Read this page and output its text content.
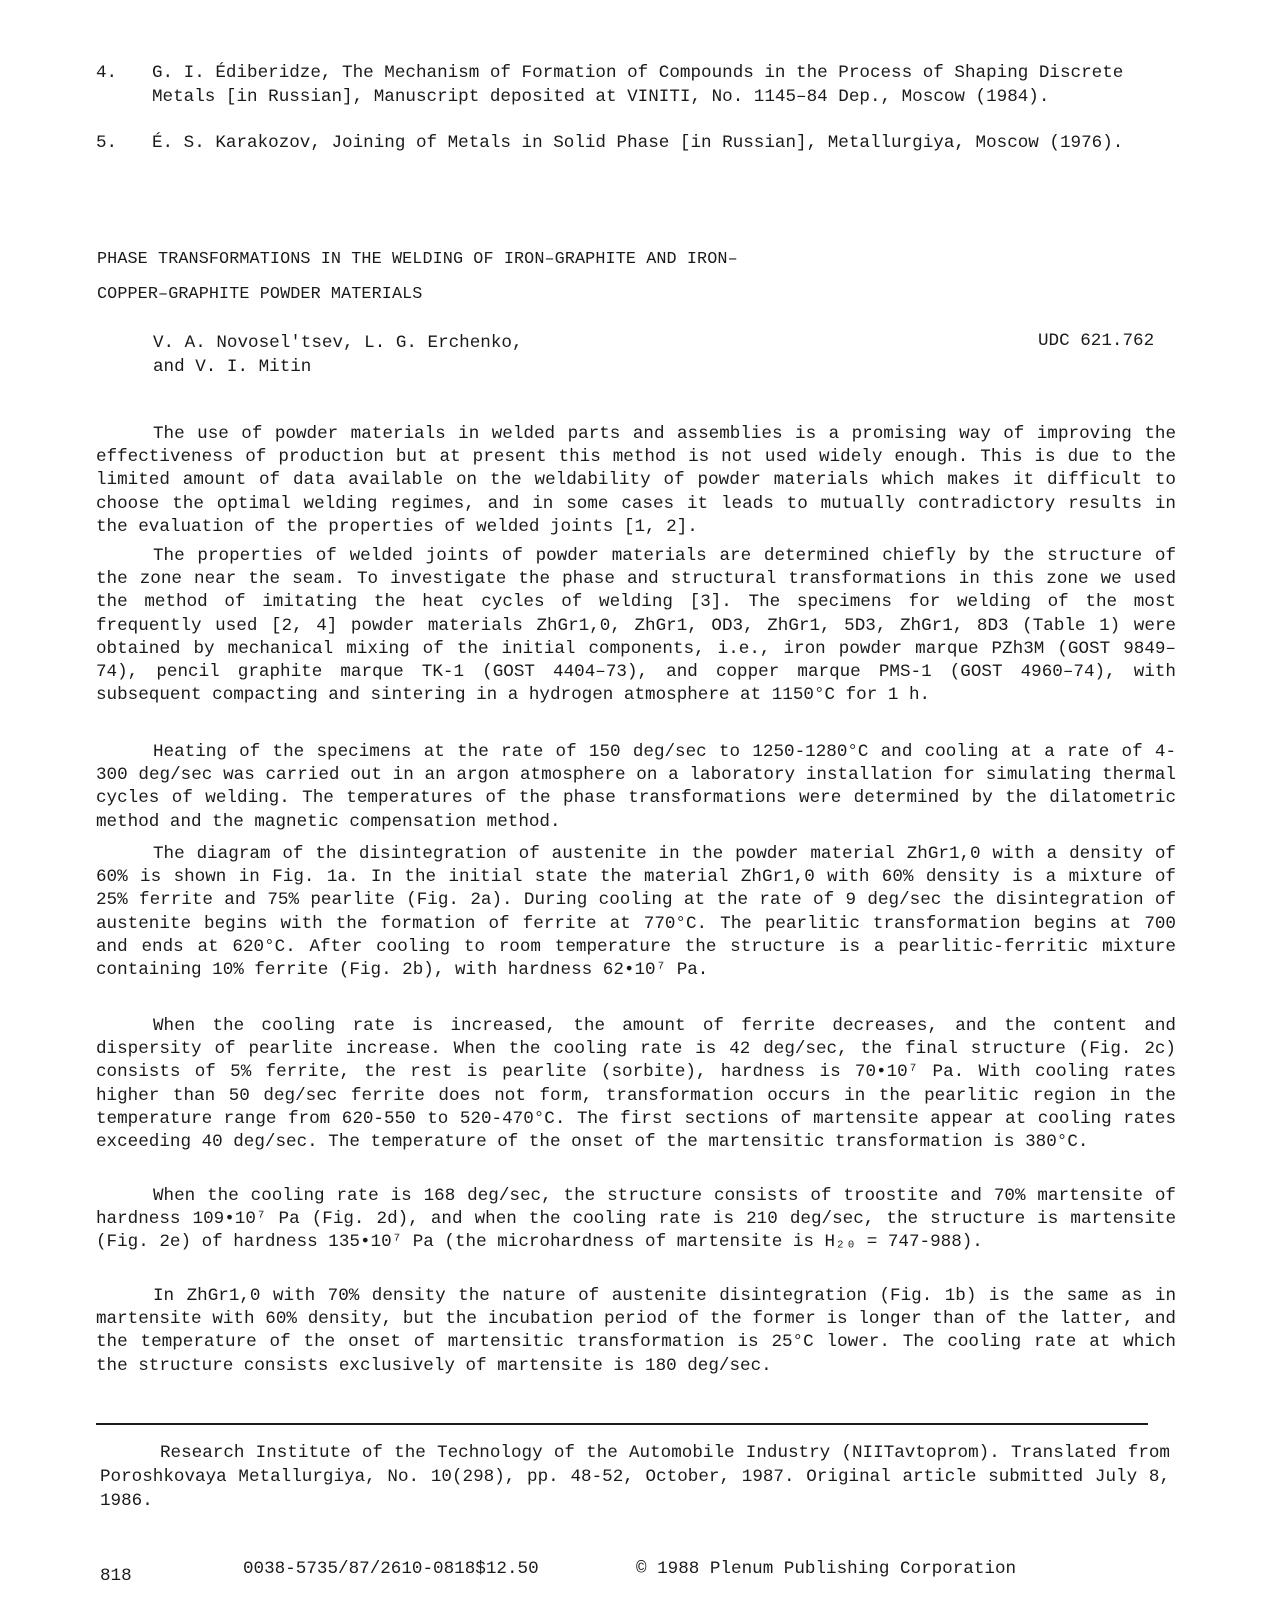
4. G. I. Édiberidze, The Mechanism of Formation of Compounds in the Process of Shaping Discrete Metals [in Russian], Manuscript deposited at VINITI, No. 1145–84 Dep., Moscow (1984).
5. É. S. Karakozov, Joining of Metals in Solid Phase [in Russian], Metallurgiya, Moscow (1976).
PHASE TRANSFORMATIONS IN THE WELDING OF IRON–GRAPHITE AND IRON–
COPPER–GRAPHITE POWDER MATERIALS
V. A. Novosel'tsev, L. G. Erchenko,
and V. I. Mitin
UDC 621.762

The use of powder materials in welded parts and assemblies is a promising way of improving the effectiveness of production but at present this method is not used widely enough. This is due to the limited amount of data available on the weldability of powder materials which makes it difficult to choose the optimal welding regimes, and in some cases it leads to mutually contradictory results in the evaluation of the properties of welded joints [1, 2].

The properties of welded joints of powder materials are determined chiefly by the structure of the zone near the seam. To investigate the phase and structural transformations in this zone we used the method of imitating the heat cycles of welding [3]. The specimens for welding of the most frequently used [2, 4] powder materials ZhGr1,0, ZhGr1, OD3, ZhGr1, 5D3, ZhGr1, 8D3 (Table 1) were obtained by mechanical mixing of the initial components, i.e., iron powder marque PZh3M (GOST 9849–74), pencil graphite marque TK-1 (GOST 4404–73), and copper marque PMS-1 (GOST 4960–74), with subsequent compacting and sintering in a hydrogen atmosphere at 1150°C for 1 h.

Heating of the specimens at the rate of 150 deg/sec to 1250-1280°C and cooling at a rate of 4-300 deg/sec was carried out in an argon atmosphere on a laboratory installation for simulating thermal cycles of welding. The temperatures of the phase transformations were determined by the dilatometric method and the magnetic compensation method.

The diagram of the disintegration of austenite in the powder material ZhGr1,0 with a density of 60% is shown in Fig. 1a. In the initial state the material ZhGr1,0 with 60% density is a mixture of 25% ferrite and 75% pearlite (Fig. 2a). During cooling at the rate of 9 deg/sec the disintegration of austenite begins with the formation of ferrite at 770°C. The pearlitic transformation begins at 700 and ends at 620°C. After cooling to room temperature the structure is a pearlitic-ferritic mixture containing 10% ferrite (Fig. 2b), with hardness 62•10⁷ Pa.

When the cooling rate is increased, the amount of ferrite decreases, and the content and dispersity of pearlite increase. When the cooling rate is 42 deg/sec, the final structure (Fig. 2c) consists of 5% ferrite, the rest is pearlite (sorbite), hardness is 70•10⁷ Pa. With cooling rates higher than 50 deg/sec ferrite does not form, transformation occurs in the pearlitic region in the temperature range from 620-550 to 520-470°C. The first sections of martensite appear at cooling rates exceeding 40 deg/sec. The temperature of the onset of the martensitic transformation is 380°C.

When the cooling rate is 168 deg/sec, the structure consists of troostite and 70% martensite of hardness 109•10⁷ Pa (Fig. 2d), and when the cooling rate is 210 deg/sec, the structure is martensite (Fig. 2e) of hardness 135•10⁷ Pa (the microhardness of martensite is H₂₀ = 747-988).

In ZhGr1,0 with 70% density the nature of austenite disintegration (Fig. 1b) is the same as in martensite with 60% density, but the incubation period of the former is longer than of the latter, and the temperature of the onset of martensitic transformation is 25°C lower. The cooling rate at which the structure consists exclusively of martensite is 180 deg/sec.

Research Institute of the Technology of the Automobile Industry (NIITavtoprom). Translated from Poroshkovaya Metallurgiya, No. 10(298), pp. 48-52, October, 1987. Original article submitted July 8, 1986.

818	0038-5735/87/2610-0818$12.50	© 1988 Plenum Publishing Corporation
